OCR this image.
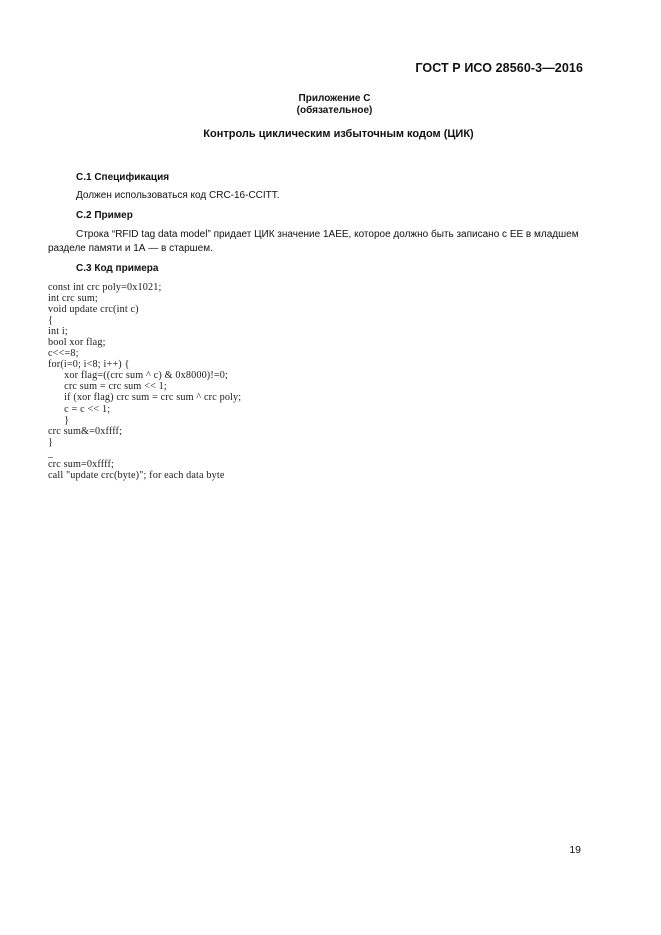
ГОСТ Р ИСО 28560-3—2016
Приложение С
(обязательное)
Контроль циклическим избыточным кодом (ЦИК)
С.1 Спецификация
Должен использоваться код CRC-16-CCITT.
С.2 Пример
Строка “RFID tag data model” придает ЦИК значение 1AEE, которое должно быть записано с ЕЕ в младшем разделе памяти и 1А — в старшем.
С.3 Код примера
const int crc poly=0x1021;
int crc sum;
void update crc(int c)
{
int i;
bool xor flag;
c<<=8;
for(i=0; i<8; i++) {
xor flag=((crc sum ^ c) & 0x8000)!=0;
crc sum = crc sum << 1;
if (xor flag) crc sum = crc sum ^ crc poly;
c = c << 1;
}
crc sum&=0xffff;
}
_
crc sum=0xffff;
call "update crc(byte)"; for each data byte
19
